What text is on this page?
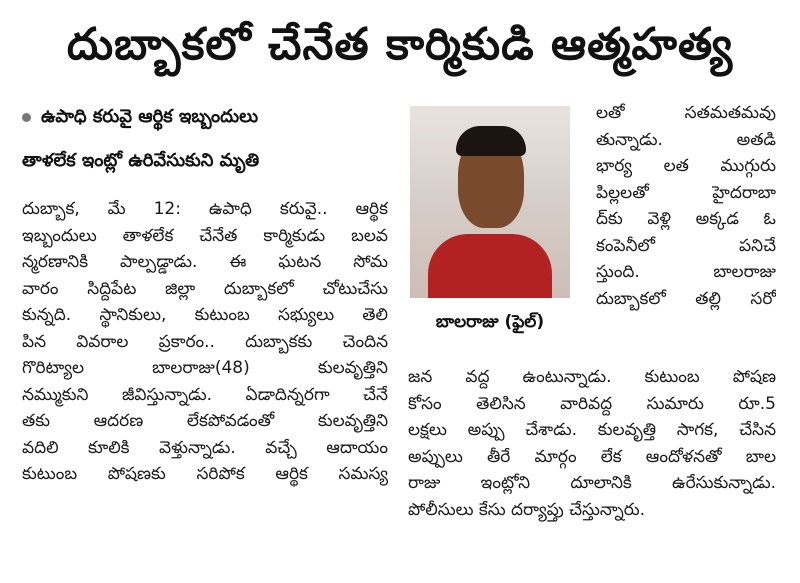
దుబ్బాకలో చేనేత కార్మికుడి ఆత్మహత్య
ఉపాధి కరువై ఆర్థిక ఇబ్బందులు
తాళలేక ఇంట్లో ఉరివేసుకుని మృతి
దుబ్బాక, మే 12: ఉపాధి కరువై.. ఆర్థిక
ఇబ్బందులు తాళలేక చేనేత కార్మికుడు బలవ
న్మరణానికి పాల్పడ్డాడు. ఈ ఘటన సోమ
వారం సిద్దిపేట జిల్లా దుబ్బాకలో చోటుచేసు
కున్నది. స్థానికులు, కుటుంబ సభ్యులు తెలి
పిన వివరాల ప్రకారం.. దుబ్బాకకు చెందిన
గొరిట్యాల బాలరాజు(48) కులవృత్తిని
నమ్ముకుని జీవిస్తున్నాడు. ఏడాదిన్నరగా చేనే
తకు ఆదరణ లేకపోవడంతో కులవృత్తిని
వదిలి కూలికి వెళ్తున్నాడు. వచ్చే ఆదాయం
కుటుంబ పోషణకు సరిపోక ఆర్థిక సమస్య
బాలరాజు (ఫైల్)
లతో సతమతమవు
తున్నాడు. అతడి
భార్య లత ముగ్గురు
పిల్లలతో హైదరాబా
ద్‌కు వెళ్లి అక్కడ ఓ
కంపెనీలో పనిచే
స్తుంది. బాలరాజు
దుబ్బాకలో తల్లి సరో
జన వద్ద ఉంటున్నాడు. కుటుంబ పోషణ
కోసం తెలిసిన వారివద్ద సుమారు రూ.5
లక్షలు అప్పు చేశాడు. కులవృత్తి సాగక, చేసిన
అప్పులు తీరే మార్గం లేక ఆందోళనతో బాల
రాజు ఇంట్లోని దూలానికి ఉరేసుకున్నాడు.
పోలీసులు కేసు దర్యాప్తు చేస్తున్నారు.
